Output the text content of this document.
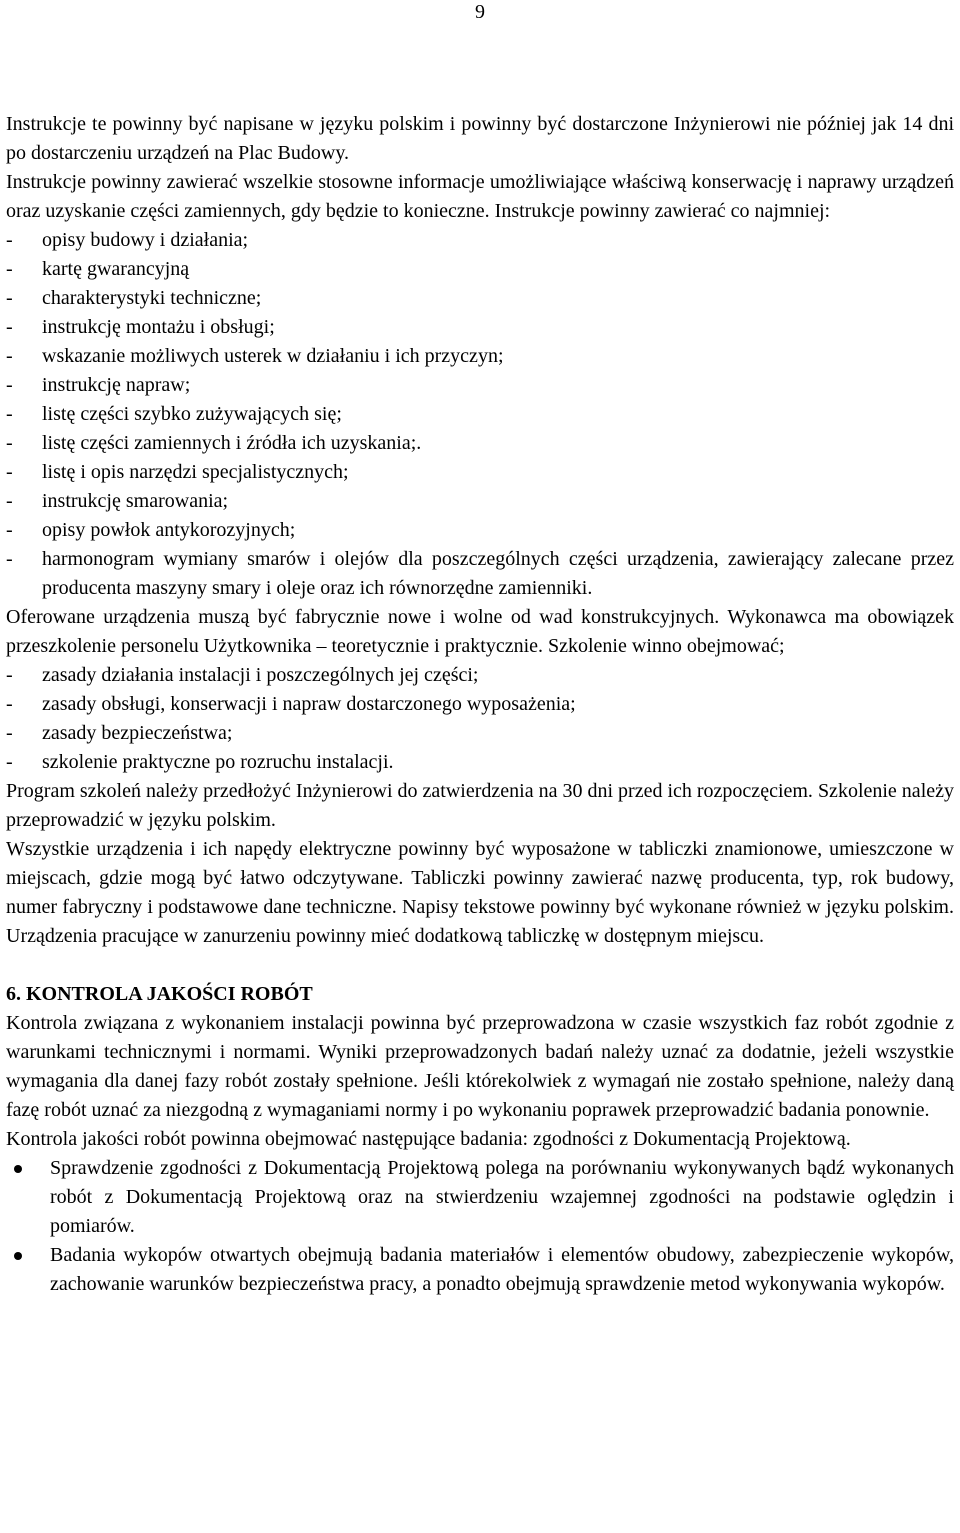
9

Instrukcje te powinny być napisane w języku polskim i powinny być dostarczone Inżynierowi nie później jak 14 dni po dostarczeniu urządzeń na Plac Budowy.

Instrukcje powinny zawierać wszelkie stosowne informacje umożliwiające właściwą konserwację i naprawy urządzeń oraz uzyskanie części zamiennych, gdy będzie to konieczne. Instrukcje powinny zawierać co najmniej:

- opisy budowy i działania;
- kartę gwarancyjną
- charakterystyki techniczne;
- instrukcję montażu i obsługi;
- wskazanie możliwych usterek w działaniu i ich przyczyn;
- instrukcję napraw;
- listę części szybko zużywających się;
- listę części zamiennych i źródła ich uzyskania;.
- listę i opis narzędzi specjalistycznych;
- instrukcję smarowania;
- opisy powłok antykorozyjnych;
- harmonogram wymiany smarów i olejów dla poszczególnych części urządzenia, zawierający zalecane przez producenta maszyny smary i oleje oraz ich równorzędne zamienniki.

Oferowane urządzenia muszą być fabrycznie nowe i wolne od wad konstrukcyjnych. Wykonawca ma obowiązek przeszkolenie personelu Użytkownika – teoretycznie i praktycznie. Szkolenie winno obejmować;

- zasady działania instalacji i poszczególnych jej części;
- zasady obsługi, konserwacji i napraw dostarczonego wyposażenia;
- zasady bezpieczeństwa;
- szkolenie praktyczne po rozruchu instalacji.

Program szkoleń należy przedłożyć Inżynierowi do zatwierdzenia na 30 dni przed ich rozpoczęciem. Szkolenie należy przeprowadzić w języku polskim.

Wszystkie urządzenia i ich napędy elektryczne powinny być wyposażone w tabliczki znamionowe, umieszczone w miejscach, gdzie mogą być łatwo odczytywane. Tabliczki powinny zawierać nazwę producenta, typ, rok budowy, numer fabryczny i podstawowe dane techniczne. Napisy tekstowe powinny być wykonane również w języku polskim. Urządzenia pracujące w zanurzeniu powinny mieć dodatkową tabliczkę w dostępnym miejscu.

6. KONTROLA JAKOŚCI ROBÓT

Kontrola związana z wykonaniem instalacji powinna być przeprowadzona w czasie wszystkich faz robót zgodnie z warunkami technicznymi i normami. Wyniki przeprowadzonych badań należy uznać za dodatnie, jeżeli wszystkie wymagania dla danej fazy robót zostały spełnione. Jeśli którekolwiek z wymagań nie zostało spełnione, należy daną fazę robót uznać za niezgodną z wymaganiami normy i po wykonaniu poprawek przeprowadzić badania ponownie.

Kontrola jakości robót powinna obejmować następujące badania: zgodności z Dokumentacją Projektową.

Sprawdzenie zgodności z Dokumentacją Projektową polega na porównaniu wykonywanych bądź wykonanych robót z Dokumentacją Projektową oraz na stwierdzeniu wzajemnej zgodności na podstawie oględzin i pomiarów.
Badania wykopów otwartych obejmują badania materiałów i elementów obudowy, zabezpieczenie wykopów, zachowanie warunków bezpieczeństwa pracy, a ponadto obejmują sprawdzenie metod wykonywania wykopów.
